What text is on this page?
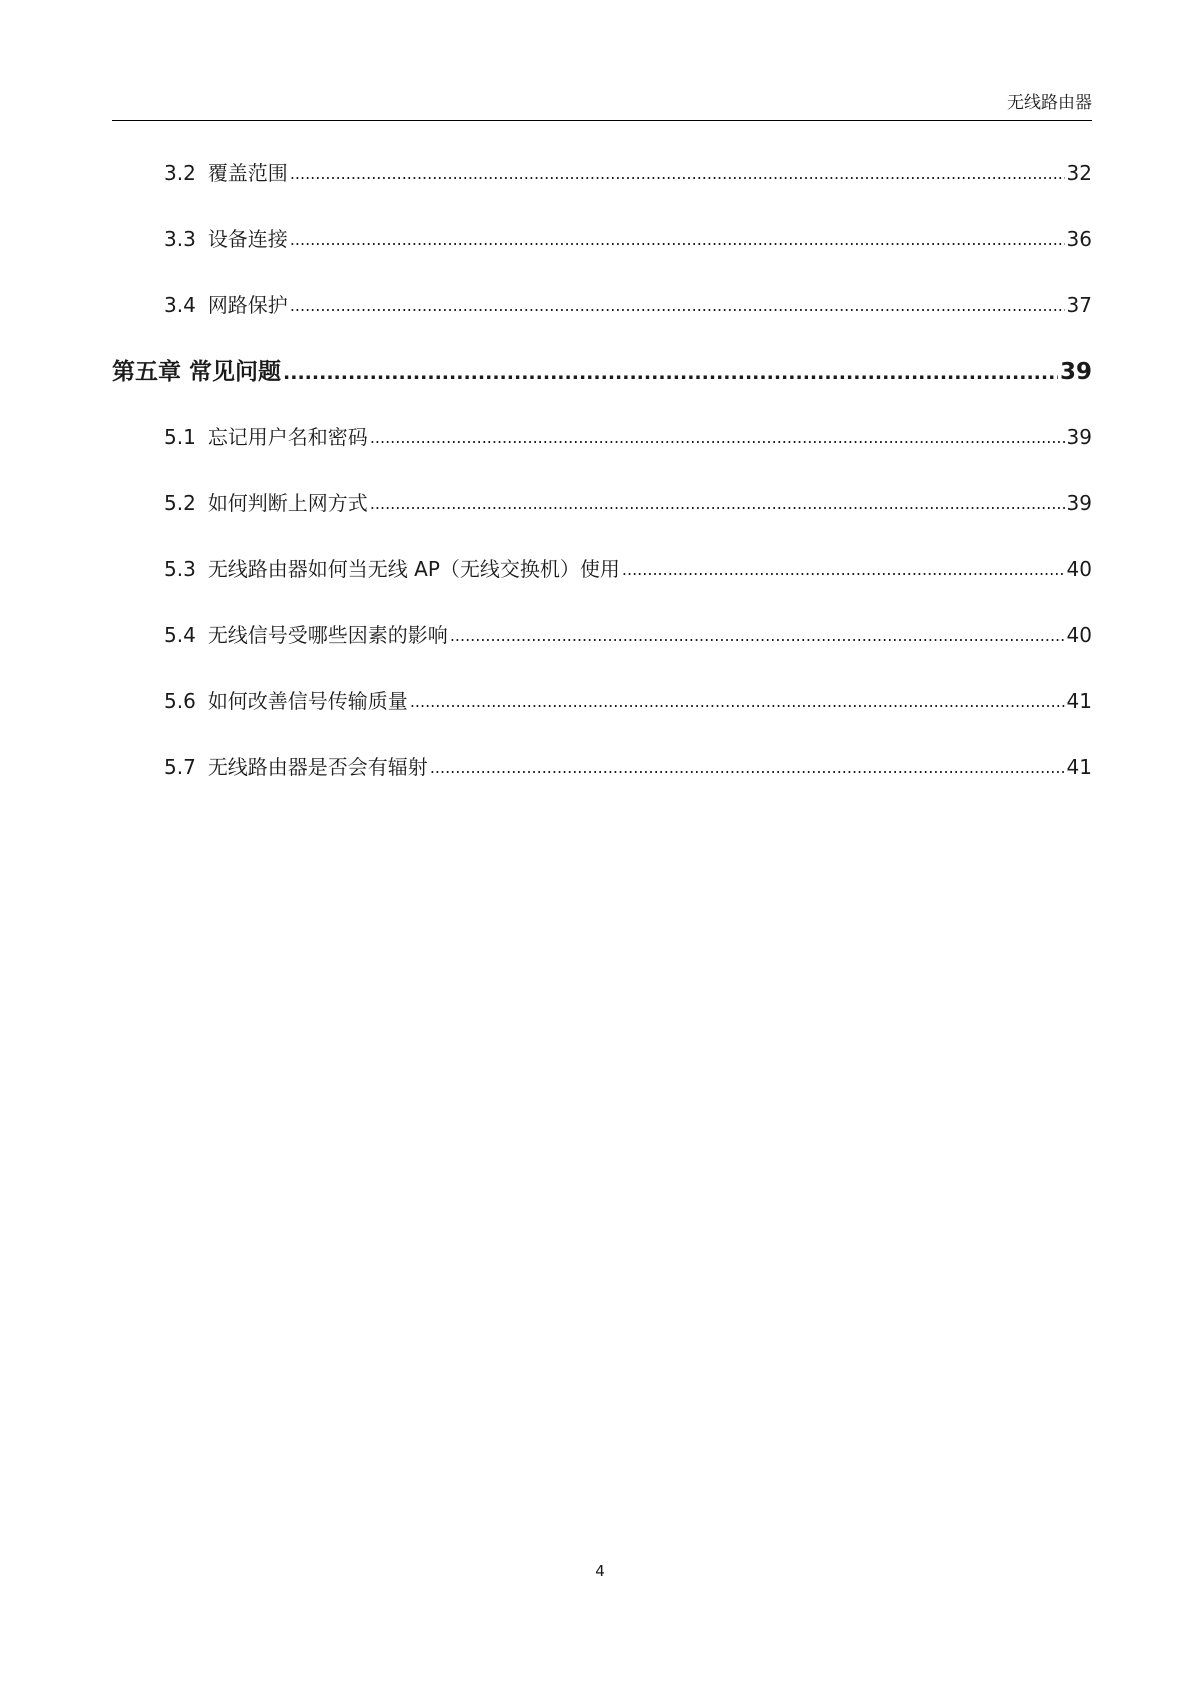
无线路由器
3.2 覆盖范围 .....	32
3.3 设备连接 .....	36
3.4 网路保护 .....	37
第五章 常见问题 .....	39
5.1 忘记用户名和密码 .....	39
5.2 如何判断上网方式 .....	39
5.3 无线路由器如何当无线 AP（无线交换机）使用 .....	40
5.4 无线信号受哪些因素的影响 .....	40
5.6 如何改善信号传输质量 .....	41
5.7 无线路由器是否会有辐射 .....	41
4
